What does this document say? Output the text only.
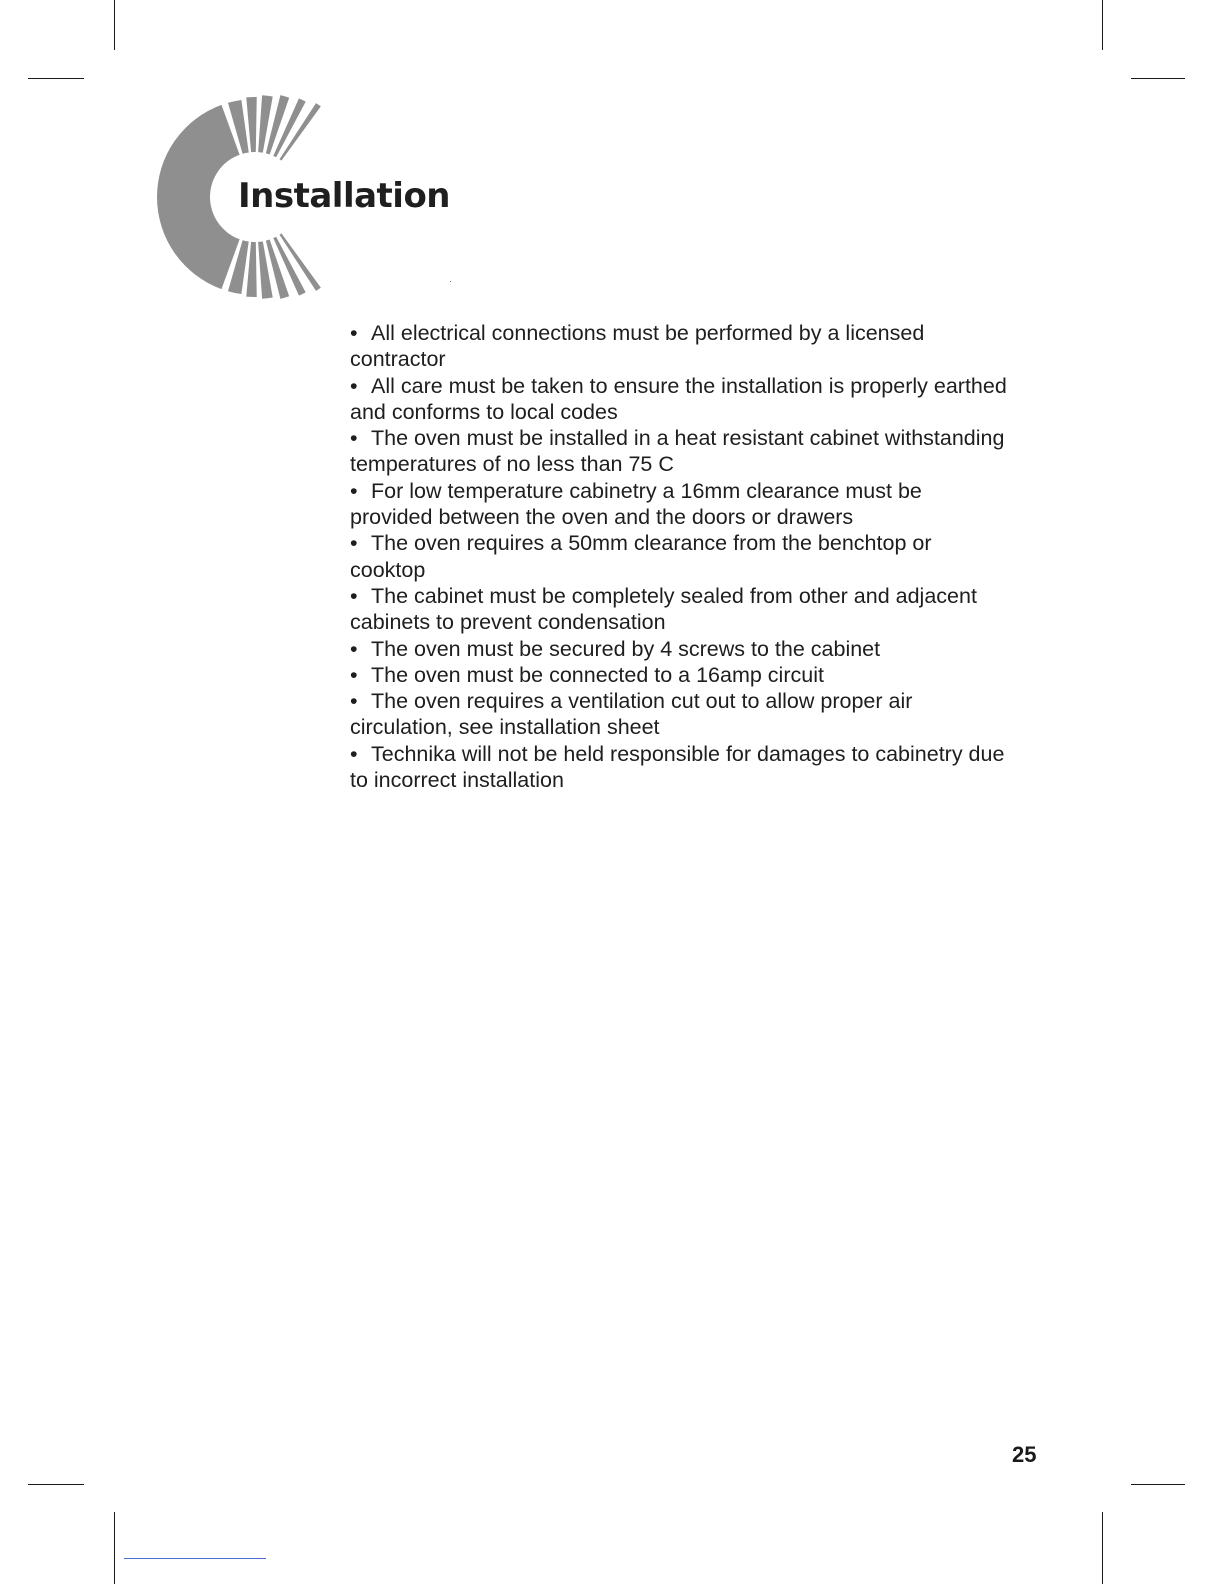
Installation

• All electrical connections must be performed by a licensed contractor

• All care must be taken to ensure the installation is properly earthed and conforms to local codes

• The oven must be installed in a heat resistant cabinet withstanding temperatures of no less than 75 C

• For low temperature cabinetry a 16mm clearance must be provided between the oven and the doors or drawers

• The oven requires a 50mm clearance from the benchtop or cooktop

• The cabinet must be completely sealed from other and adjacent cabinets to prevent condensation

• The oven must be secured by 4 screws to the cabinet

• The oven must be connected to a 16amp circuit

• The oven requires a ventilation cut out to allow proper air circulation, see installation sheet

• Technika will not be held responsible for damages to cabinetry due to incorrect installation

25
